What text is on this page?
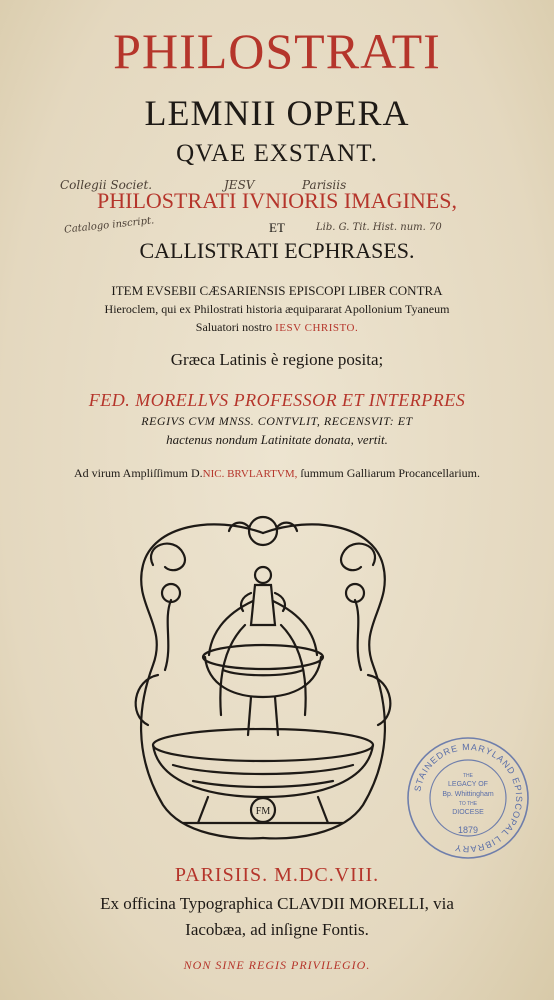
PHILOSTRATI
LEMNII OPERA
QVAE EXSTANT.
Collegii Societ.	JESV	Parisiis
PHILOSTRATI IVNIORIS IMAGINES,
Catalogo inscript.	ET	Lib. G. Tit. Hist. num. 70
CALLISTRATI ECPHRASES.
ITEM EVSEBII CÆSARIENSIS EPISCOPI LIBER CONTRA
Hieroclem, qui ex Philostrati historia æquipararat Apollonium Tyaneum
Saluatori nostro IESV CHRISTO.
Græca Latinis è regione posita;
FED. MORELLVS PROFESSOR ET INTERPRES
REGIVS CVM MNSS. CONTVLIT, RECENSVIT: ET
hactenus nondum Latinitate donata, vertit.
Ad virum Ampliſſimum D.NIC. BRVLARTVM, ſummum Galliarum Procancellarium.
FM
STAINEDRE MARYLAND EPISCOPAL LIBRARY
THE
LEGACY OF
Bp. Whittingham
TO THE
DIOCESE
1879
PARISIIS. M.DC.VIII.
Ex officina Typographica CLAVDII MORELLI, via
Iacobæa, ad inſigne Fontis.
NON SINE REGIS PRIVILEGIO.
